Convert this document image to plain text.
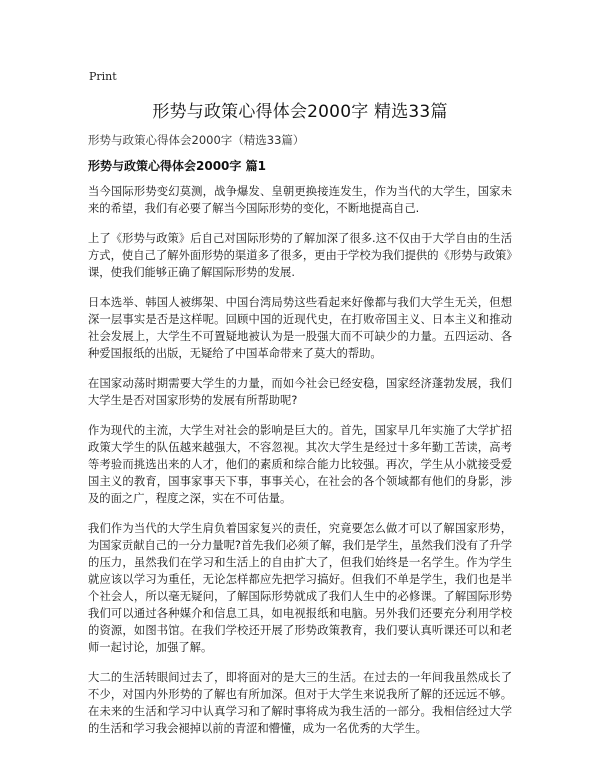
Print
形势与政策心得体会2000字 精选33篇

形势与政策心得体会2000字（精选33篇）

形势与政策心得体会2000字 篇1

当今国际形势变幻莫测，战争爆发、皇朝更换接连发生，作为当代的大学生，国家未来的希望，我们有必要了解当今国际形势的变化，不断地提高自己.

上了《形势与政策》后自己对国际形势的了解加深了很多.这不仅由于大学自由的生活方式，使自己了解外面形势的渠道多了很多，更由于学校为我们提供的《形势与政策》课，使我们能够正确了解国际形势的发展.

日本选举、韩国人被绑架、中国台湾局势这些看起来好像都与我们大学生无关，但想深一层事实是否是这样呢。回顾中国的近现代史，在打败帝国主义、日本主义和推动社会发展上，大学生不可置疑地被认为是一股强大而不可缺少的力量。五四运动、各种爱国报纸的出版，无疑给了中国革命带来了莫大的帮助。

在国家动荡时期需要大学生的力量，而如今社会已经安稳，国家经济蓬勃发展，我们大学生是否对国家形势的发展有所帮助呢?

作为现代的主流，大学生对社会的影响是巨大的。首先，国家早几年实施了大学扩招政策大学生的队伍越来越强大，不容忽视。其次大学生是经过十多年勤工苦读，高考等考验而挑选出来的人才，他们的素质和综合能力比较强。再次，学生从小就接受爱国主义的教育，国事家事天下事，事事关心，在社会的各个领域都有他们的身影，涉及的面之广，程度之深，实在不可估量。

我们作为当代的大学生肩负着国家复兴的责任，究竟要怎么做才可以了解国家形势，为国家贡献自己的一分力量呢?首先我们必须了解，我们是学生，虽然我们没有了升学的压力，虽然我们在学习和生活上的自由扩大了，但我们始终是一名学生。作为学生就应该以学习为重任，无论怎样都应先把学习搞好。但我们不单是学生，我们也是半个社会人，所以毫无疑问，了解国际形势就成了我们人生中的必修课。了解国际形势我们可以通过各种媒介和信息工具，如电视报纸和电脑。另外我们还要充分利用学校的资源，如图书馆。在我们学校还开展了形势政策教育，我们要认真听课还可以和老师一起讨论，加强了解。

大二的生活转眼间过去了，即将面对的是大三的生活。在过去的一年间我虽然成长了不少，对国内外形势的了解也有所加深。但对于大学生来说我所了解的还远远不够。在未来的生活和学习中认真学习和了解时事将成为我生活的一部分。我相信经过大学的生活和学习我会褪掉以前的青涩和懵懂，成为一名优秀的大学生。
